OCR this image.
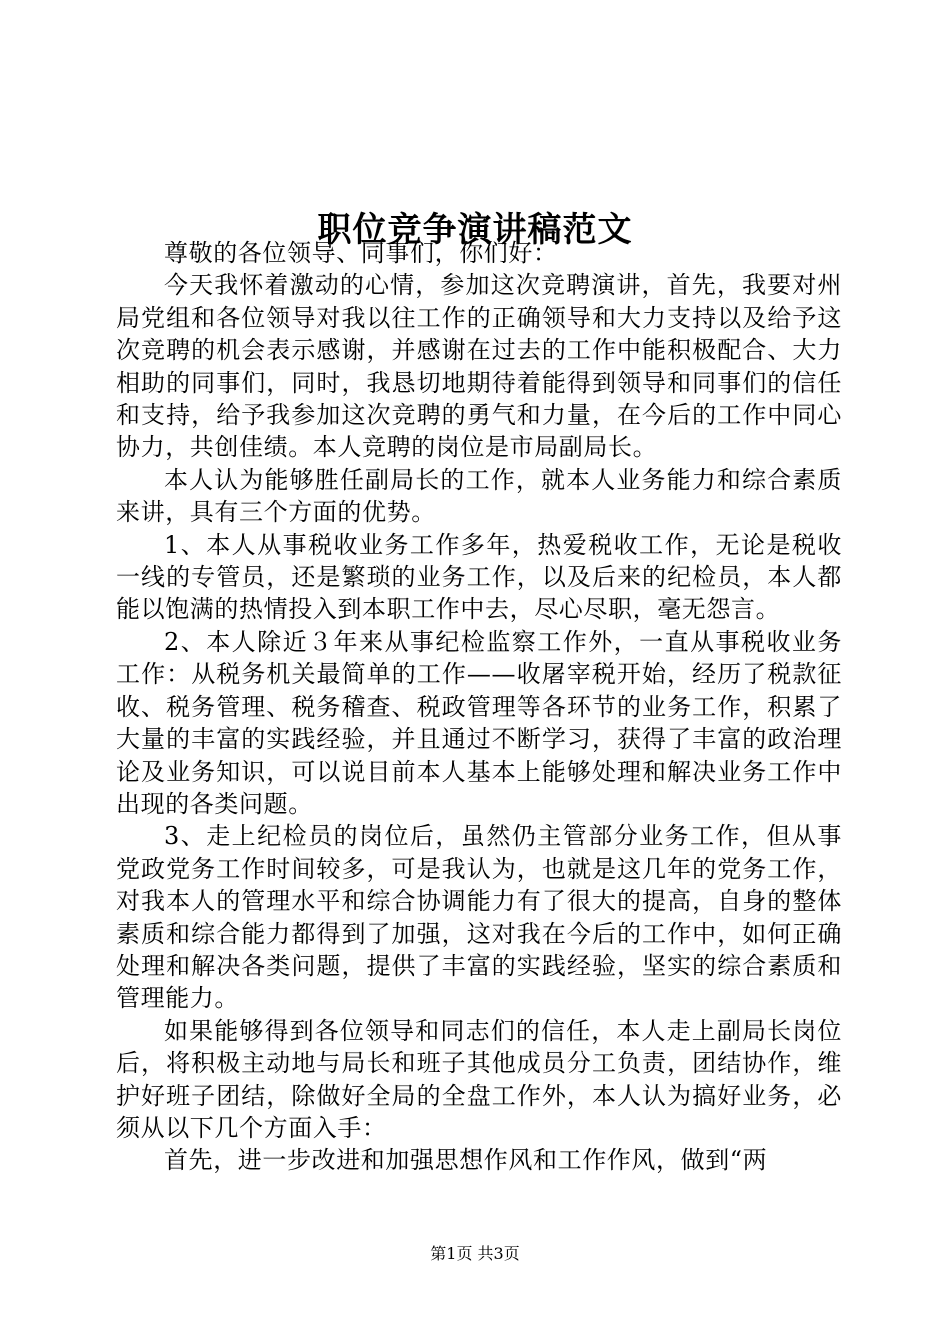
职位竞争演讲稿范文

尊敬的各位领导、同事们，你们好：

今天我怀着激动的心情，参加这次竞聘演讲，首先，我要对州局党组和各位领导对我以往工作的正确领导和大力支持以及给予这次竞聘的机会表示感谢，并感谢在过去的工作中能积极配合、大力相助的同事们，同时，我恳切地期待着能得到领导和同事们的信任和支持，给予我参加这次竞聘的勇气和力量，在今后的工作中同心协力，共创佳绩。本人竞聘的岗位是市局副局长。

本人认为能够胜任副局长的工作，就本人业务能力和综合素质来讲，具有三个方面的优势。

1、本人从事税收业务工作多年，热爱税收工作，无论是税收一线的专管员，还是繁琐的业务工作，以及后来的纪检员，本人都能以饱满的热情投入到本职工作中去，尽心尽职，毫无怨言。

2、本人除近３年来从事纪检监察工作外，一直从事税收业务工作：从税务机关最简单的工作——收屠宰税开始，经历了税款征收、税务管理、税务稽查、税政管理等各环节的业务工作，积累了大量的丰富的实践经验，并且通过不断学习，获得了丰富的政治理论及业务知识，可以说目前本人基本上能够处理和解决业务工作中出现的各类问题。

3、走上纪检员的岗位后，虽然仍主管部分业务工作，但从事党政党务工作时间较多，可是我认为，也就是这几年的党务工作，对我本人的管理水平和综合协调能力有了很大的提高，自身的整体素质和综合能力都得到了加强，这对我在今后的工作中，如何正确处理和解决各类问题，提供了丰富的实践经验，坚实的综合素质和管理能力。

如果能够得到各位领导和同志们的信任，本人走上副局长岗位后，将积极主动地与局长和班子其他成员分工负责，团结协作，维护好班子团结，除做好全局的全盘工作外，本人认为搞好业务，必须从以下几个方面入手：

首先，进一步改进和加强思想作风和工作作风，做到“两

第1页 共3页
